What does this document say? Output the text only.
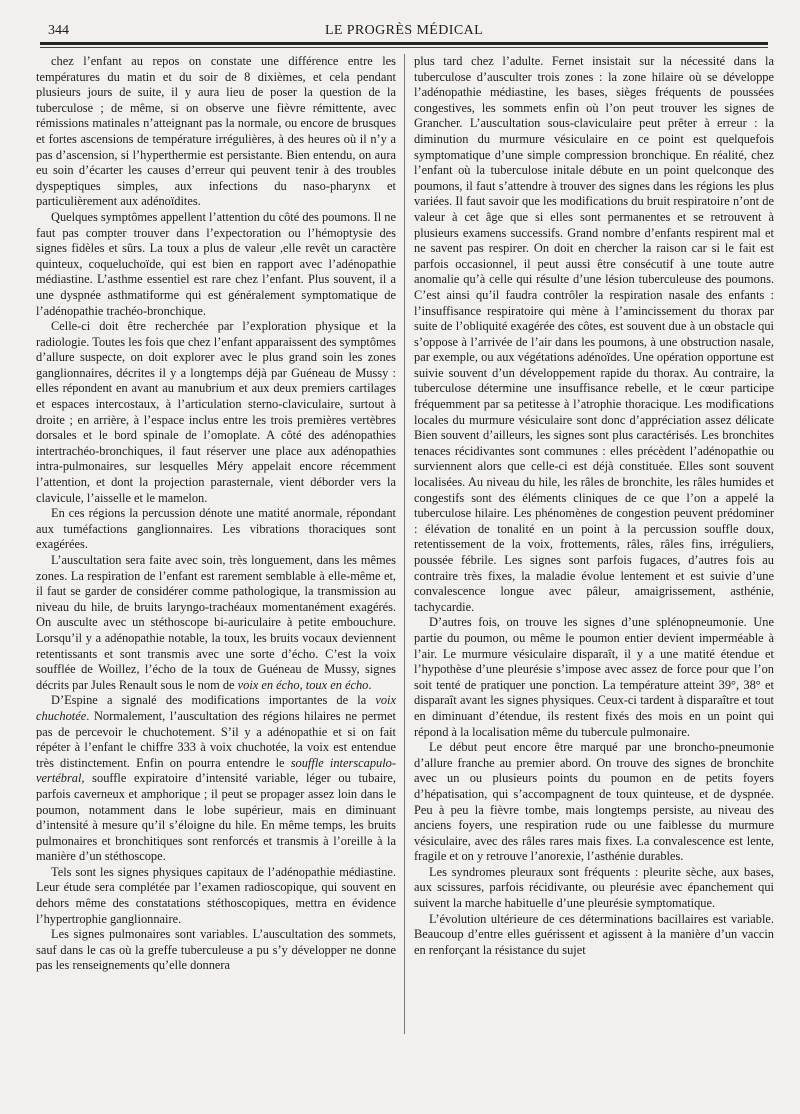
344	LE PROGRÈS MÉDICAL

chez l’enfant au repos on constate une différence entre les températures du matin et du soir de 8 dixièmes, et cela pendant plusieurs jours de suite, il y aura lieu de poser la question de la tuberculose ; de même, si on observe une fièvre rémittente, avec rémissions matinales n’atteignant pas la normale, ou encore de brusques et fortes ascensions de température irrégulières, à des heures où il n’y a pas d’ascension, si l’hyperthermie est persistante. Bien entendu, on aura eu soin d’écarter les causes d’erreur qui peuvent tenir à des troubles dyspeptiques simples, aux infections du naso-pharynx et particulièrement aux adénoïdites.

Quelques symptômes appellent l’attention du côté des poumons. Il ne faut pas compter trouver dans l’expectoration ou l’hémoptysie des signes fidèles et sûrs. La toux a plus de valeur ,elle revêt un caractère quinteux, coqueluchoïde, qui est bien en rapport avec l’adénopathie médiastine. L’asthme essentiel est rare chez l’enfant. Plus souvent, il a une dyspnée asthmatiforme qui est généralement symptomatique de l’adénopathie trachéo-bronchique.

Celle-ci doit être recherchée par l’exploration physique et la radiologie. Toutes les fois que chez l’enfant apparaissent des symptômes d’allure suspecte, on doit explorer avec le plus grand soin les zones ganglionnaires, décrites il y a longtemps déjà par Guéneau de Mussy : elles répondent en avant au manubrium et aux deux premiers cartilages et espaces intercostaux, à l’articulation sterno-claviculaire, surtout à droite ; en arrière, à l’espace inclus entre les trois premières vertèbres dorsales et le bord spinale de l’omoplate. A côté des adénopathies intertrachéo-bronchiques, il faut réserver une place aux adénopathies intra-pulmonaires, sur lesquelles Méry appelait encore récemment l’attention, et dont la projection parasternale, vient déborder vers la clavicule, l’aisselle et le mamelon.

En ces régions la percussion dénote une matité anormale, répondant aux tuméfactions ganglionnaires. Les vibrations thoraciques sont exagérées.

L’auscultation sera faite avec soin, très longuement, dans les mêmes zones. La respiration de l’enfant est rarement semblable à elle-même et, il faut se garder de considérer comme pathologique, la transmission au niveau du hile, de bruits laryngo-trachéaux momentanément exagérés. On ausculte avec un stéthoscope bi-auriculaire à petite embouchure. Lorsqu’il y a adénopathie notable, la toux, les bruits vocaux deviennent retentissants et sont transmis avec une sorte d’écho. C’est la voix soufflée de Woillez, l’écho de la toux de Guéneau de Mussy, signes décrits par Jules Renault sous le nom de voix en écho, toux en écho.

D’Espine a signalé des modifications importantes de la voix chuchotée. Normalement, l’auscultation des régions hilaires ne permet pas de percevoir le chuchotement. S’il y a adénopathie et si on fait répéter à l’enfant le chiffre 333 à voix chuchotée, la voix est entendue très distinctement. Enfin on pourra entendre le souffle interscapulo-vertébral, souffle expiratoire d’intensité variable, léger ou tubaire, parfois caverneux et amphorique ; il peut se propager assez loin dans le poumon, notamment dans le lobe supérieur, mais en diminuant d’intensité à mesure qu’il s’éloigne du hile. En même temps, les bruits pulmonaires et bronchitiques sont renforcés et transmis à l’oreille à la manière d’un stéthoscope.

Tels sont les signes physiques capitaux de l’adénopathie médiastine. Leur étude sera complétée par l’examen radioscopique, qui souvent en dehors même des constatations stéthoscopiques, mettra en évidence l’hypertrophie ganglionnaire.

Les signes pulmonaires sont variables. L’auscultation des sommets, sauf dans le cas où la greffe tuberculeuse a pu s’y développer ne donne pas les renseignements qu’elle donnera

plus tard chez l’adulte. Fernet insistait sur la nécessité dans la tuberculose d’ausculter trois zones : la zone hilaire où se développe l’adénopathie médiastine, les bases, sièges fréquents de poussées congestives, les sommets enfin où l’on peut trouver les signes de Grancher. L’auscultation sous-claviculaire peut prêter à erreur : la diminution du murmure vésiculaire en ce point est quelquefois symptomatique d’une simple compression bronchique. En réalité, chez l’enfant où la tuberculose initale débute en un point quelconque des poumons, il faut s’attendre à trouver des signes dans les régions les plus variées. Il faut savoir que les modifications du bruit respiratoire n’ont de valeur à cet âge que si elles sont permanentes et se retrouvent à plusieurs examens successifs. Grand nombre d’enfants respirent mal et ne savent pas respirer. On doit en chercher la raison car si le fait est parfois occasionnel, il peut aussi être consécutif à une toute autre anomalie qu’à celle qui résulte d’une lésion tuberculeuse des poumons. C’est ainsi qu’il faudra contrôler la respiration nasale des enfants : l’insuffisance respiratoire qui mène à l’amincissement du thorax par suite de l’obliquité exagérée des côtes, est souvent due à un obstacle qui s’oppose à l’arrivée de l’air dans les poumons, à une obstruction nasale, par exemple, ou aux végétations adénoïdes. Une opération opportune est suivie souvent d’un développement rapide du thorax. Au contraire, la tuberculose détermine une insuffisance rebelle, et le cœur participe fréquemment par sa petitesse à l’atrophie thoracique. Les modifications locales du murmure vésiculaire sont donc d’appréciation assez délicate Bien souvent d’ailleurs, les signes sont plus caractérisés. Les bronchites tenaces récidivantes sont communes : elles précèdent l’adénopathie ou surviennent alors que celle-ci est déjà constituée. Elles sont souvent localisées. Au niveau du hile, les râles de bronchite, les râles humides et congestifs sont des éléments cliniques de ce que l’on a appelé la tuberculose hilaire. Les phénomènes de congestion peuvent prédominer : élévation de tonalité en un point à la percussion souffle doux, retentissement de la voix, frottements, râles, râles fins, irréguliers, poussée fébrile. Les signes sont parfois fugaces, d’autres fois au contraire très fixes, la maladie évolue lentement et est suivie d’une convalescence longue avec pâleur, amaigrissement, asthénie, tachycardie.

D’autres fois, on trouve les signes d’une splénopneumonie. Une partie du poumon, ou même le poumon entier devient imperméable à l’air. Le murmure vésiculaire disparaît, il y a une matité étendue et l’hypothèse d’une pleurésie s’impose avec assez de force pour que l’on soit tenté de pratiquer une ponction. La température atteint 39°, 38° et disparaît avant les signes physiques. Ceux-ci tardent à disparaître et tout en diminuant d’étendue, ils restent fixés des mois en un point qui répond à la localisation même du tubercule pulmonaire.

Le début peut encore être marqué par une broncho-pneumonie d’allure franche au premier abord. On trouve des signes de bronchite avec un ou plusieurs points du poumon en de petits foyers d’hépatisation, qui s’accompagnent de toux quinteuse, et de dyspnée. Peu à peu la fièvre tombe, mais longtemps persiste, au niveau des anciens foyers, une respiration rude ou une faiblesse du murmure vésiculaire, avec des râles rares mais fixes. La convalescence est lente, fragile et on y retrouve l’anorexie, l’asthénie durables.

Les syndromes pleuraux sont fréquents : pleurite sèche, aux bases, aux scissures, parfois récidivante, ou pleurésie avec épanchement qui suivent la marche habituelle d’une pleurésie symptomatique.

L’évolution ultérieure de ces déterminations bacillaires est variable. Beaucoup d’entre elles guérissent et agissent à la manière d’un vaccin en renforçant la résistance du sujet
